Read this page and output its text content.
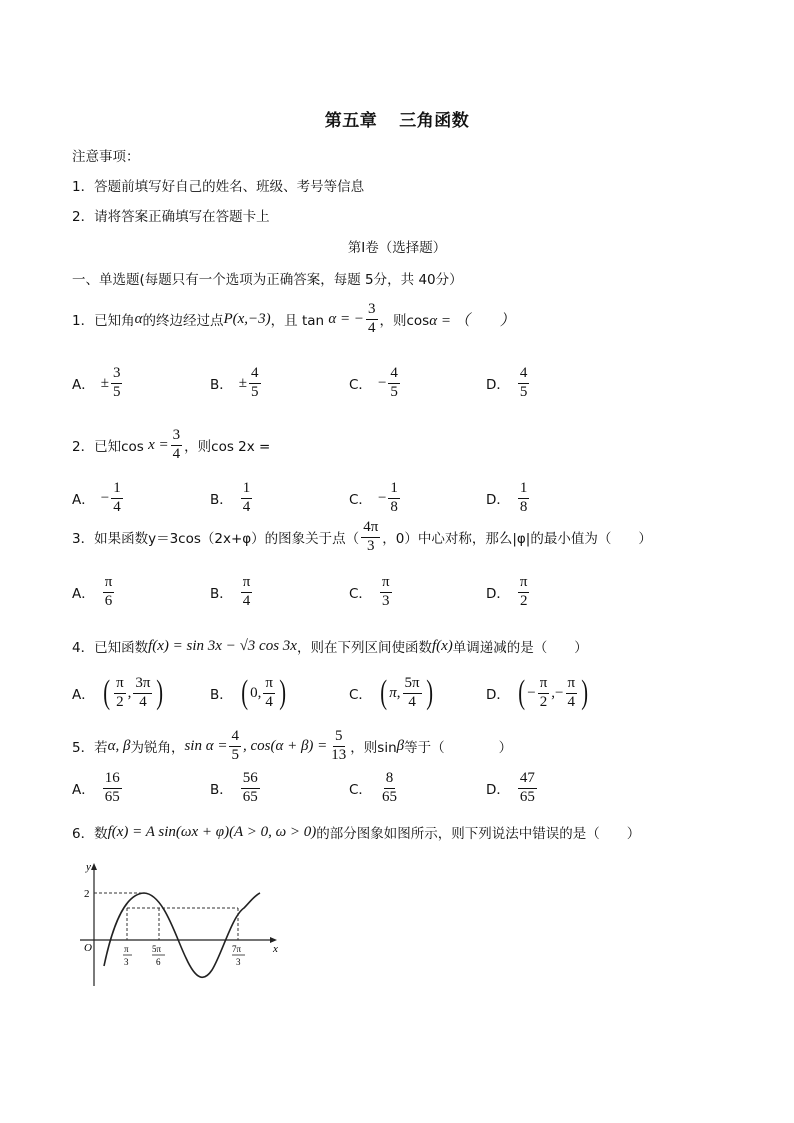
第五章 三角函数
注意事项：
1．答题前填写好自己的姓名、班级、考号等信息
2．请将答案正确填写在答题卡上
第I卷（选择题）
一、单选题(每题只有一个选项为正确答案，每题 5分，共 40分）
1．已知角 α 的终边经过点 P(x,−3) ，且 tan
α = − $\frac{3}{4}$ ，则cos α = （　　）
A． ± $\frac{3}{5}$	B． ± $\frac{4}{5}$	C． − $\frac{4}{5}$	D． $\frac{4}{5}$
2．已知cos
$x = \frac{3}{4}$ ，则cos 2x =
A． − $\frac{1}{4}$	B． $\frac{1}{4}$	C． − $\frac{1}{8}$	D． $\frac{1}{8}$
3．如果函数y＝3cos（2x+φ）的图象关于点（ $\frac{4\pi}{3}$ ，0）中心对称，那么|φ|的最小值为（　　）
A． $\frac{\pi}{6}$	B． $\frac{\pi}{4}$	C． $\frac{\pi}{3}$	D． $\frac{\pi}{2}$
4．已知函数 f(x) = sin 3x − √3 cos 3x ，则在下列区间使函数 f(x) 单调递减的是（　　）
A． ( $\frac{\pi}{2}$ , $\frac{3\pi}{4}$ )	B． ( 0 , $\frac{\pi}{4}$ )	C． ( π , $\frac{5\pi}{4}$ )	D． ( − $\frac{\pi}{2}$ , − $\frac{\pi}{4}$ )
5．若 α, β 为锐角， $\sin \alpha = \frac{4}{5}$ , $\cos(\alpha + \beta) = \frac{5}{13}$ ，则sin β 等于（　　　　）
A． $\frac{16}{65}$	B． $\frac{56}{65}$	C． $\frac{8}{65}$	D． $\frac{47}{65}$
6．数 f(x) = A sin(ωx + φ)(A > 0, ω > 0) 的部分图象如图所示，则下列说法中错误的是（　　）
y
x
O
2
π
3
5π
6
7π
3
